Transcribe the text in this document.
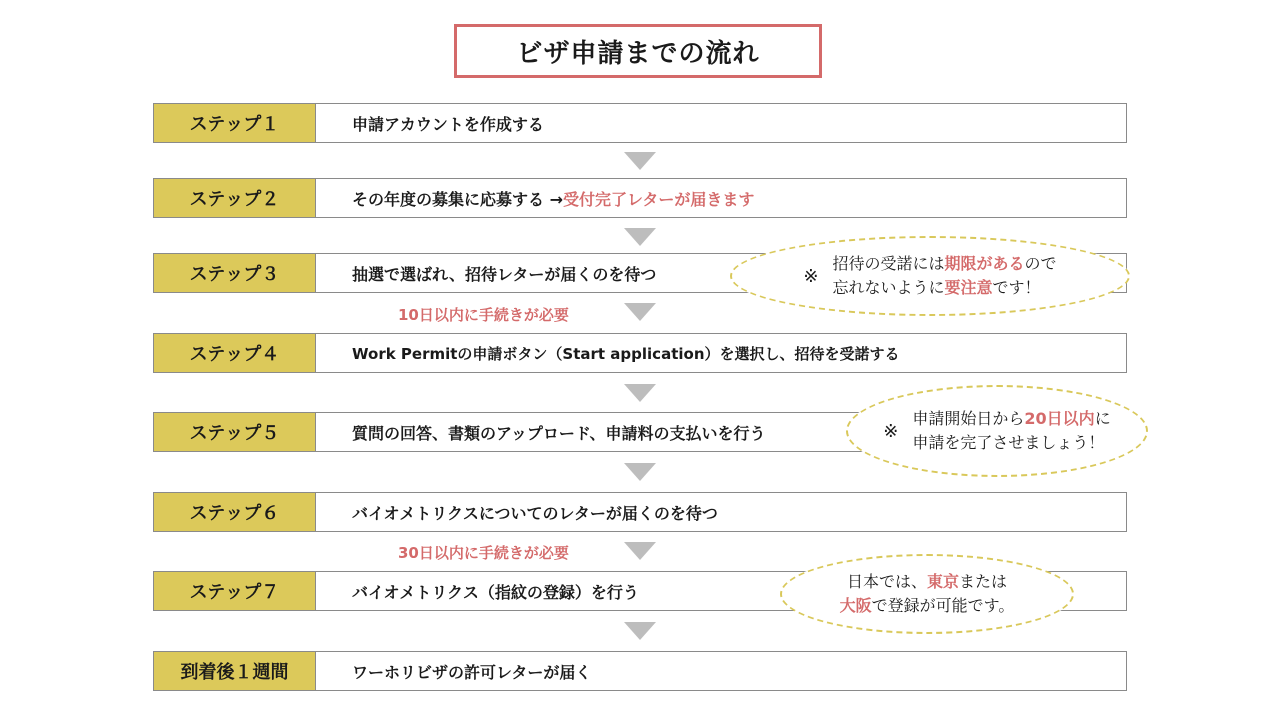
ビザ申請までの流れ
ステップ１	申請アカウントを作成する
ステップ２	その年度の募集に応募する → 受付完了レターが届きます
ステップ３	抽選で選ばれ、招待レターが届くのを待つ
10日以内に手続きが必要
ステップ４	Work Permitの申請ボタン（Start application）を選択し、招待を受諾する
ステップ５	質問の回答、書類のアップロード、申請料の支払いを行う
ステップ６	バイオメトリクスについてのレターが届くのを待つ
30日以内に手続きが必要
ステップ７	バイオメトリクス（指紋の登録）を行う
到着後１週間	ワーホリビザの許可レターが届く
※
招待の受諾には期限があるので
忘れないように要注意です！
※
申請開始日から20日以内に
申請を完了させましょう！
日本では、東京または
大阪で登録が可能です。
